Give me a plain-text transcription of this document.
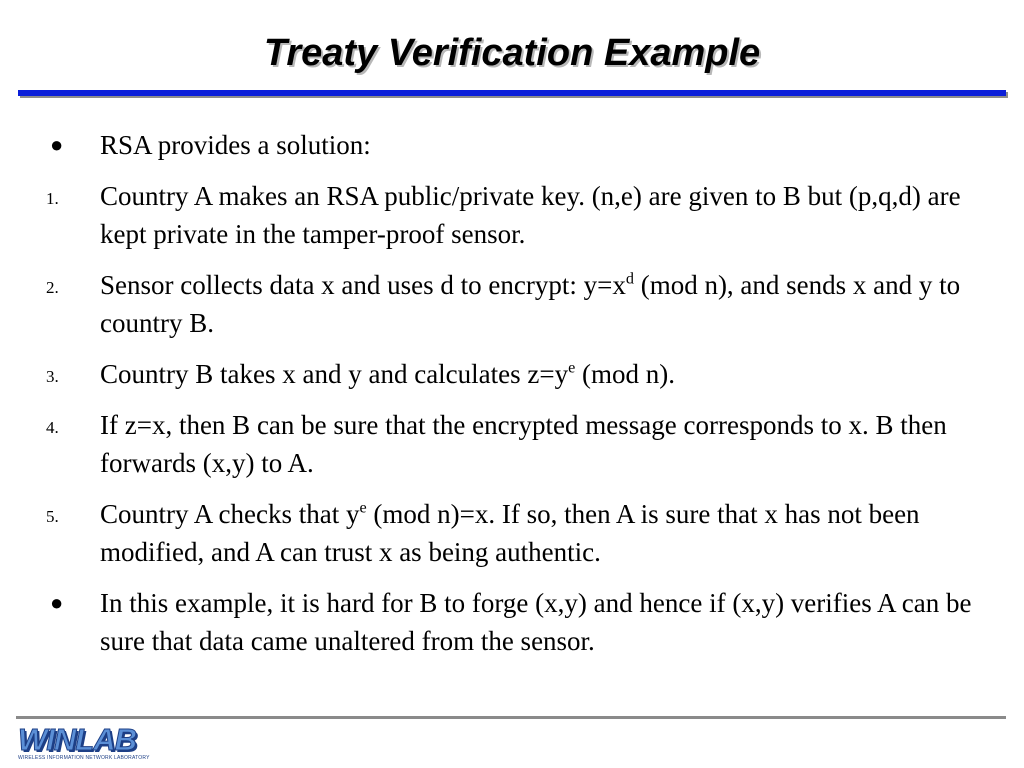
Treaty Verification Example
● RSA provides a solution:
1. Country A makes an RSA public/private key. (n,e) are given to B but (p,q,d) are kept private in the tamper-proof sensor.
2. Sensor collects data x and uses d to encrypt: $y=x^d$ (mod n), and sends x and y to country B.
3. Country B takes x and y and calculates $z=y^e$ (mod n).
4. If z=x, then B can be sure that the encrypted message corresponds to x. B then forwards (x,y) to A.
5. Country A checks that $y^e$ (mod n)=x. If so, then A is sure that x has not been modified, and A can trust x as being authentic.
● In this example, it is hard for B to forge (x,y) and hence if (x,y) verifies A can be sure that data came unaltered from the sensor.
WINLAB
WIRELESS INFORMATION NETWORK LABORATORY
